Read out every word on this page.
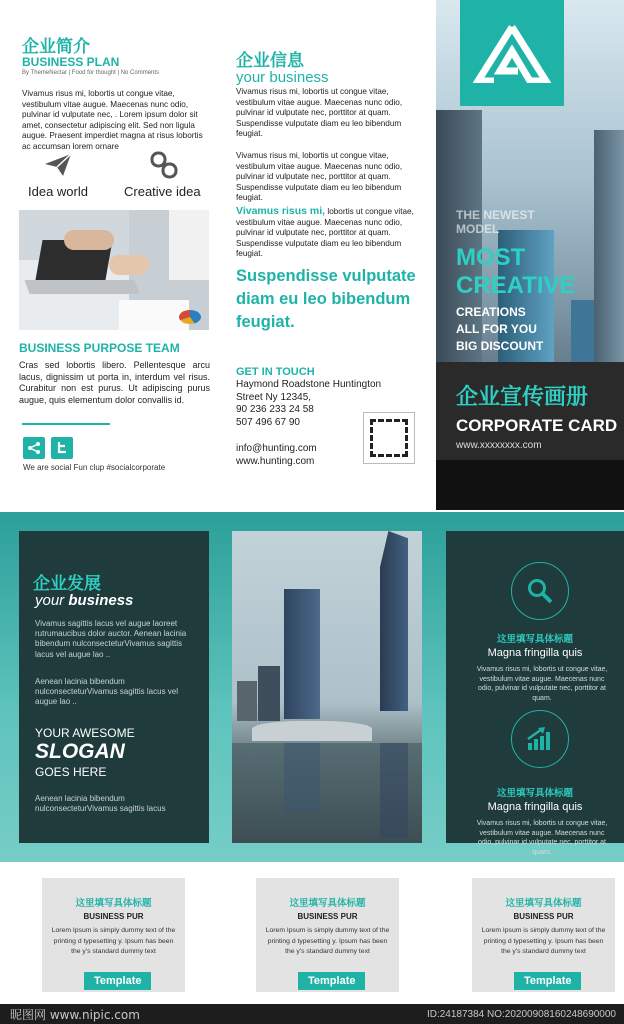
企业简介
BUSINESS PLAN
By ThemeNectar | Food for thought | No Comments
Vivamus risus mi, lobortis ut congue vitae, vestibulum vitae augue. Maecenas nunc odio, pulvinar id vulputate nec, . Lorem ipsum dolor sit amet, consectetur adipiscing elit. Sed non ligula augue. Praesent imperdiet magna at risus lobortis ac accumsan lorem ornare
Idea world	Creative idea
BUSINESS PURPOSE TEAM
Cras sed lobortis libero. Pellentesque arcu lacus, dignissim ut porta in, interdum vel risus. Curabitur non est purus. Ut adipiscing purus augue, quis elementum dolor convallis id.
We are social Fun clup #socialcorporate
企业信息
your business
Vivamus risus mi, lobortis ut congue vitae, vestibulum vitae augue. Maecenas nunc odio, pulvinar id vulputate nec, porttitor at quam. Suspendisse vulputate diam eu leo bibendum feugiat.
Vivamus risus mi, lobortis ut congue vitae, vestibulum vitae augue. Maecenas nunc odio, pulvinar id vulputate nec, porttitor at quam. Suspendisse vulputate diam eu leo bibendum feugiat.
Vivamus risus mi, lobortis ut congue vitae, vestibulum vitae augue. Maecenas nunc odio, pulvinar id vulputate nec, porttitor at quam. Suspendisse vulputate diam eu leo bibendum feugiat.
Suspendisse vulputate diam eu leo bibendum feugiat.
GET IN TOUCH
Haymond Roadstone Huntington
Street Ny 12345,
90 236 233 24 58
507 496 67 90
info@hunting.com
www.hunting.com
THE NEWEST
MODEL
MOST
CREATIVE
CREATIONS
ALL FOR YOU
BIG DISCOUNT
企业宣传画册
CORPORATE CARD
www.xxxxxxxx.com
企业发展
your business
Vivamus sagittis lacus vel augue laoreet rutrumaucibus dolor auctor. Aenean lacinia bibendum nulconsecteturVivamus sagittis lacus vel augue lao ..
Aenean lacinia bibendum nulconsecteturVivamus sagittis lacus vel augue lao ..
YOUR AWESOME
SLOGAN
GOES HERE
Aenean lacinia bibendum nulconsecteturVivamus sagittis lacus
这里填写具体标题
Magna fringilla quis
Vivamus risus mi, lobortis ut congue vitae, vestibulum vitae augue. Maecenas nunc odio, pulvinar id vulputate nec, porttitor at quam.
这里填写具体标题
Magna fringilla quis
Vivamus risus mi, lobortis ut congue vitae, vestibulum vitae augue. Maecenas nunc odio, pulvinar id vulputate nec, porttitor at quam.
这里填写具体标题
BUSINESS PUR
Lorem Ipsum is simply dummy text of the printing d typesetting y. Ipsum has been the y's standard dummy text
Template
这里填写具体标题
BUSINESS PUR
Lorem Ipsum is simply dummy text of the printing d typesetting y. Ipsum has been the y's standard dummy text
Template
这里填写具体标题
BUSINESS PUR
Lorem Ipsum is simply dummy text of the printing d typesetting y. Ipsum has been the y's standard dummy text
Template
昵图网 www.nipic.com	ID:24187384 NO:20200908160248690000
